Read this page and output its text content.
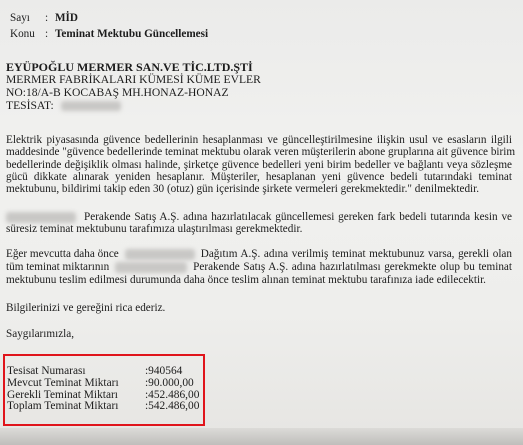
Sayı : MİD
Konu : Teminat Mektubu Güncellemesi
EYÜPOĞLU MERMER SAN.VE TİC.LTD.ŞTİ
MERMER FABRİKALARI KÜMESİ KÜME EVLER
NO:18/A-B KOCABAŞ MH.HONAZ-HONAZ
TESİSAT:
Elektrik piyasasında güvence bedellerinin hesaplanması ve güncelleştirilmesine ilişkin usul ve esasların ilgili
maddesinde "güvence bedellerinde teminat mektubu olarak veren müşterilerin abone gruplarına ait güvence birim
bedellerinde değişiklik olması halinde, şirketçe güvence bedelleri yeni birim bedeller ve bağlantı veya sözleşme
gücü dikkate alınarak yeniden hesaplanır. Müşteriler, hesaplanan yeni güvence bedeli tutarındaki teminat
mektubunu, bildirimi takip eden 30 (otuz) gün içerisinde şirkete vermeleri gerekmektedir." denilmektedir.
Perakende Satış A.Ş. adına hazırlatılacak güncellemesi gereken fark bedeli tutarında kesin ve
süresiz teminat mektubunu tarafımıza ulaştırılması gerekmektedir.
Eğer mevcutta daha önce	Dağıtım A.Ş. adına verilmiş teminat mektubunuz varsa, gerekli olan
tüm teminat miktarının	Perakende Satış A.Ş. adına hazırlatılması gerekmekte olup bu teminat
mektubunu teslim edilmesi durumunda daha önce teslim alınan teminat mektubu tarafınıza iade edilecektir.
Bilgilerinizi ve gereğini rica ederiz.
Saygılarımızla,
Tesisat Numarası	:940564
Mevcut Teminat Miktarı	:90.000,00
Gerekli Teminat Miktarı	:452.486,00
Toplam Teminat Miktarı	:542.486,00
